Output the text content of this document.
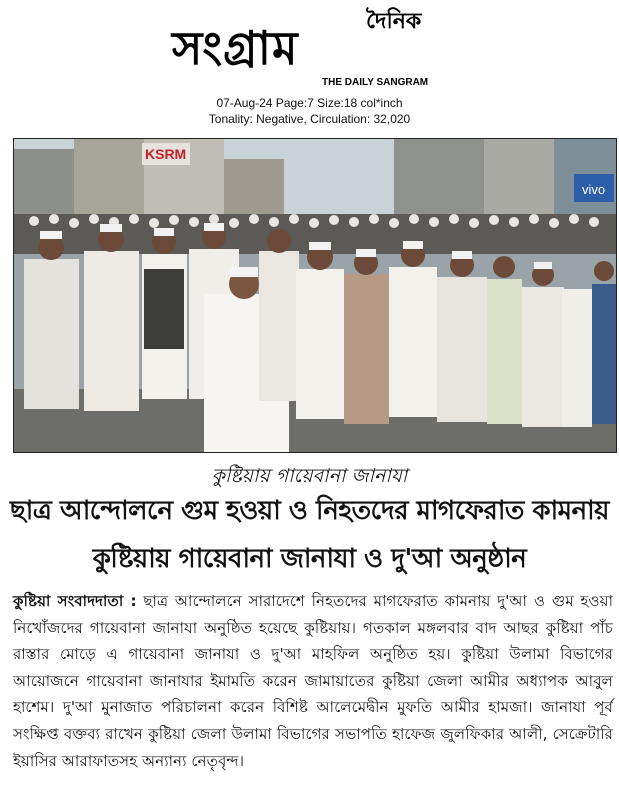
দৈনিক
সংগ্রাম
THE DAILY SANGRAM
07-Aug-24 Page:7 Size:18 col*inch
Tonality: Negative, Circulation: 32,020
vivo
KSRM
কুষ্টিয়ায় গায়েবানা জানাযা
ছাত্র আন্দোলনে গুম হওয়া ও নিহতদের মাগফেরাত কামনায়
কুষ্টিয়ায় গায়েবানা জানাযা ও দু'আ অনুষ্ঠান
কুষ্টিয়া সংবাদদাতা : ছাত্র আন্দোলনে সারাদেশে নিহতদের মাগফেরাত কামনায় দু'আ ও গুম হওয়া নিখোঁজদের গায়েবানা জানাযা অনুষ্ঠিত হয়েছে কুষ্টিয়ায়। গতকাল মঙ্গলবার বাদ আছর কুষ্টিয়া পাঁচ রাস্তার মোড়ে এ গায়েবানা জানাযা ও দু'আ মাহফিল অনুষ্ঠিত হয়। কুষ্টিয়া উলামা বিভাগের আয়োজনে গায়েবানা জানাযার ইমামতি করেন জামায়াতের কুষ্টিয়া জেলা আমীর অধ্যাপক আবুল হাশেম। দু'আ মুনাজাত পরিচালনা করেন বিশিষ্ট আলেমেদ্বীন মুফতি আমীর হামজা। জানাযা পূর্ব সংক্ষিপ্ত বক্তব্য রাখেন কুষ্টিয়া জেলা উলামা বিভাগের সভাপতি হাফেজ জুলফিকার আলী, সেক্রেটারি ইয়াসির আরাফাতসহ অন্যান্য নেতৃবৃন্দ।
